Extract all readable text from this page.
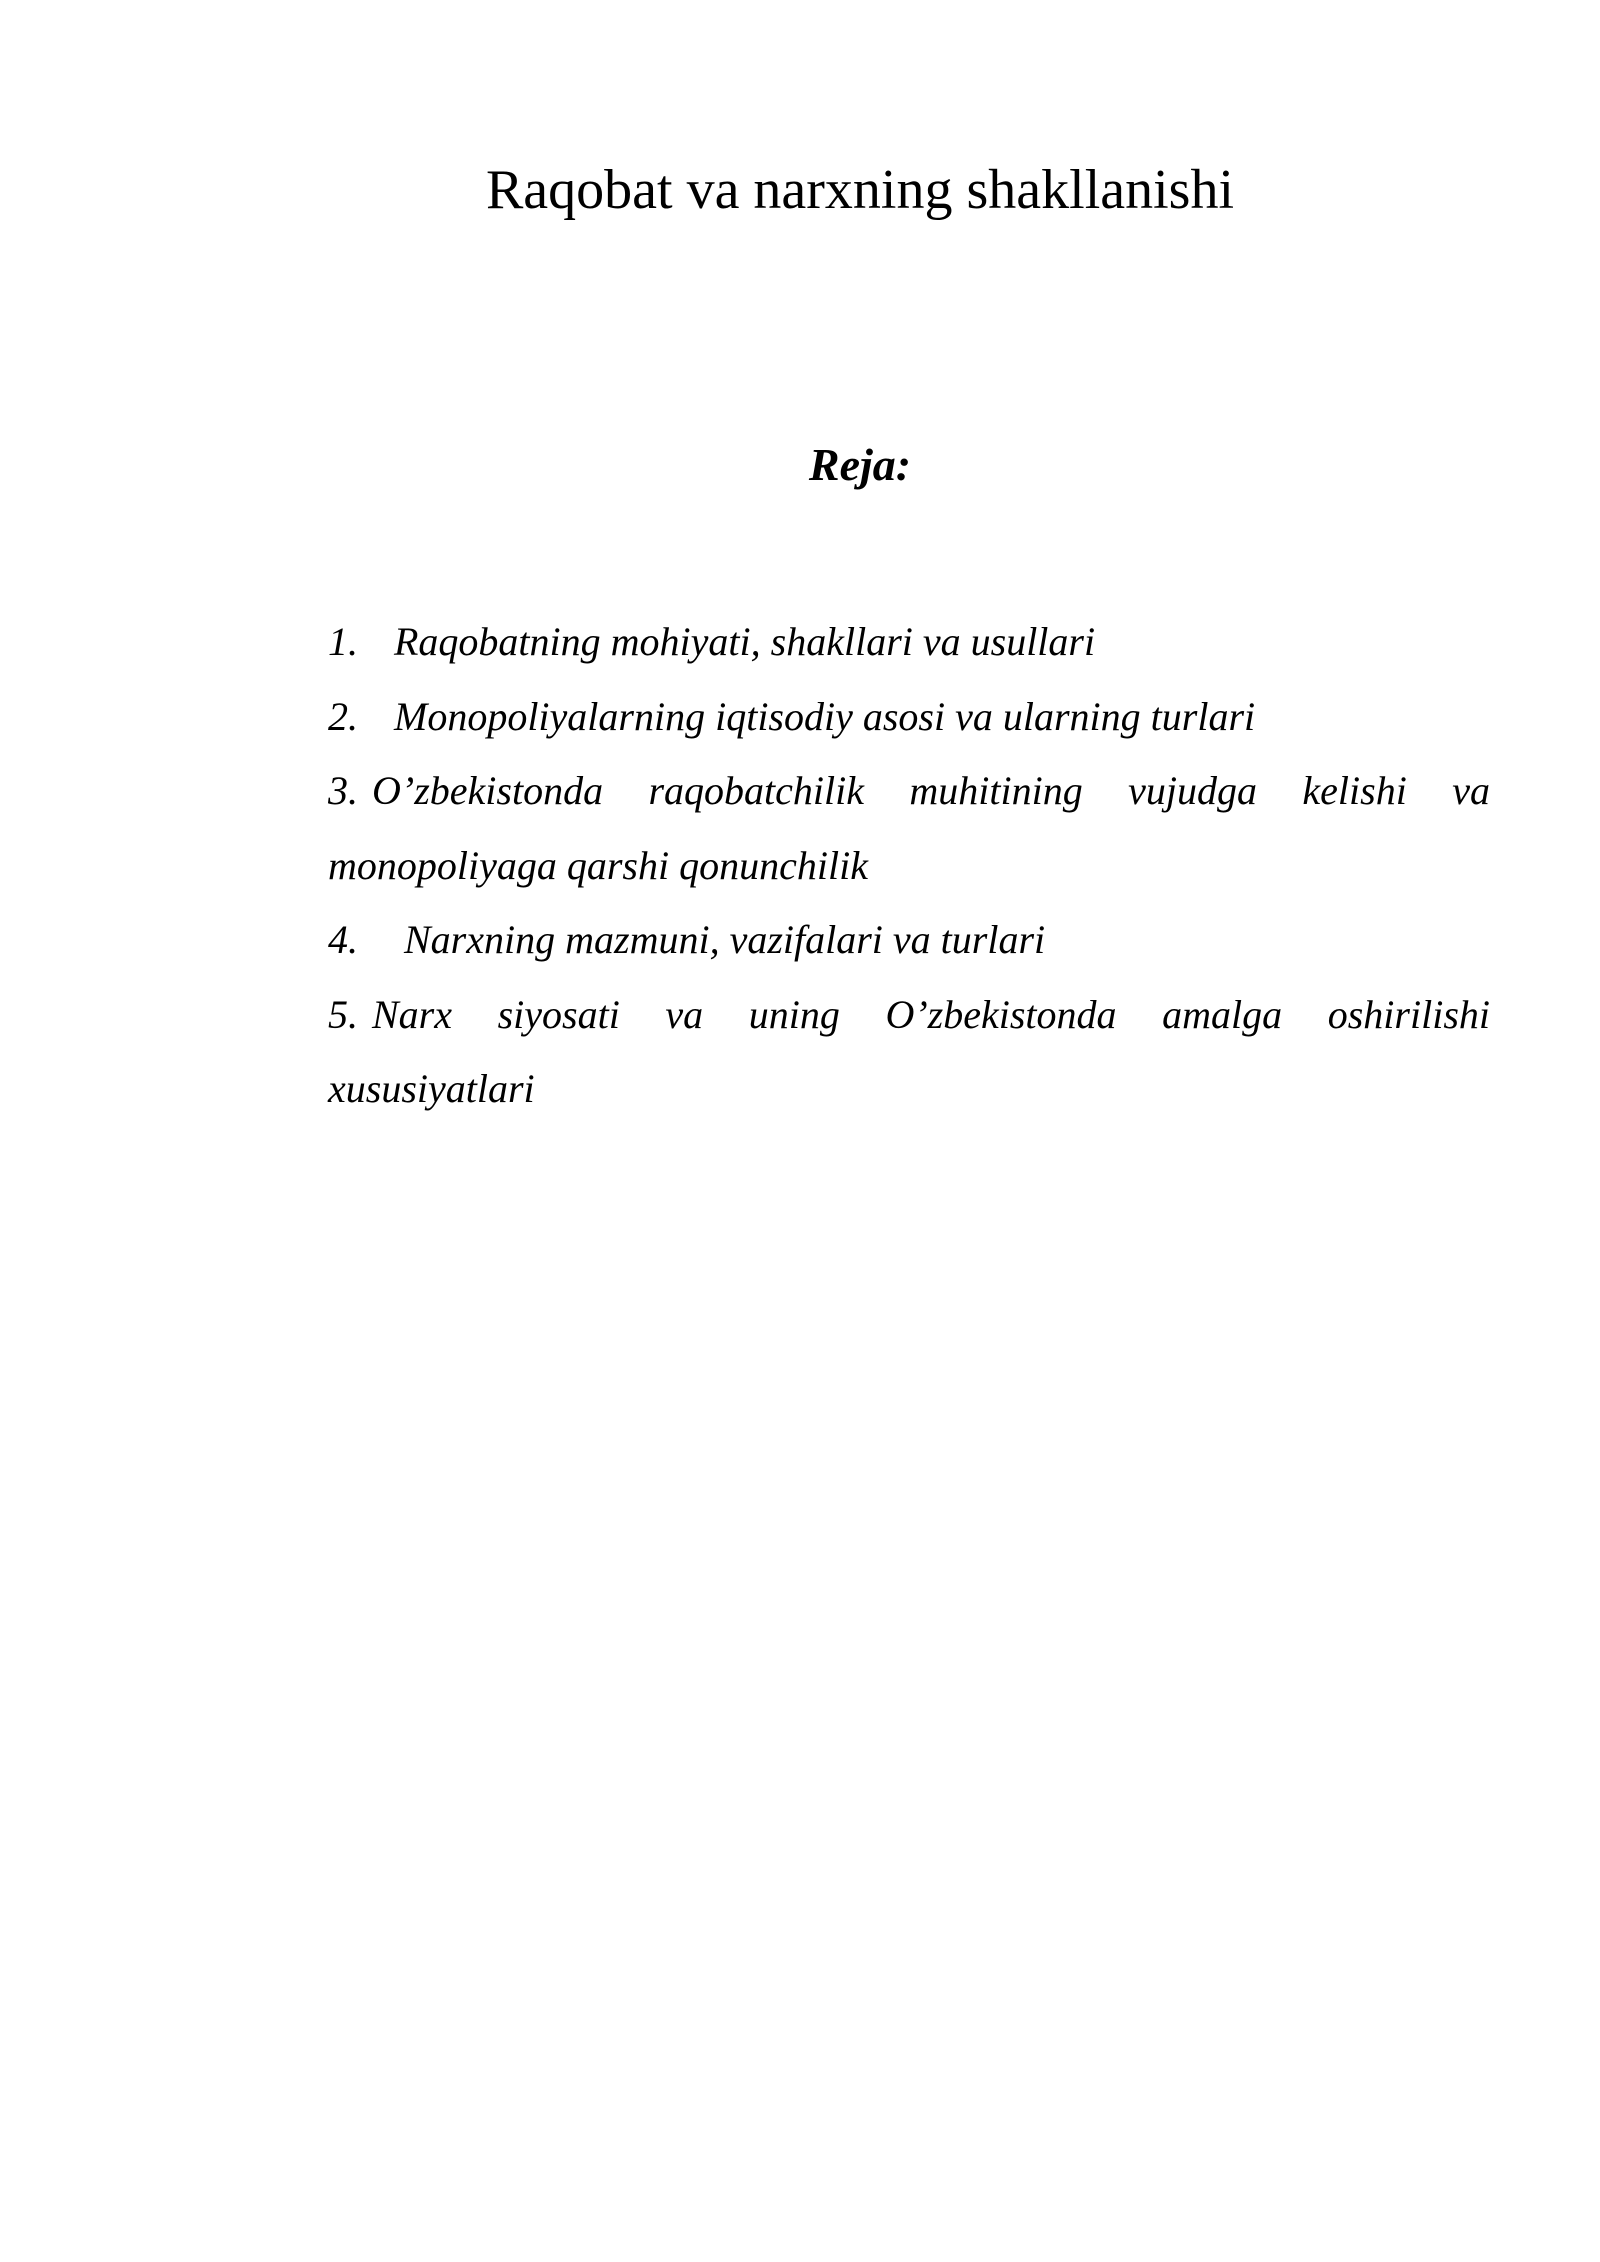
Raqobat va narxning shakllanishi
Reja:
1. Raqobatning mohiyati, shakllari va usullari
2. Monopoliyalarning iqtisodiy asosi va ularning turlari
3. O’zbekistonda raqobatchilik muhitining vujudga kelishi va monopoliyaga qarshi qonunchilik
4. Narxning mazmuni, vazifalari va turlari
5. Narx siyosati va uning O’zbekistonda amalga oshirilishi xususiyatlari
